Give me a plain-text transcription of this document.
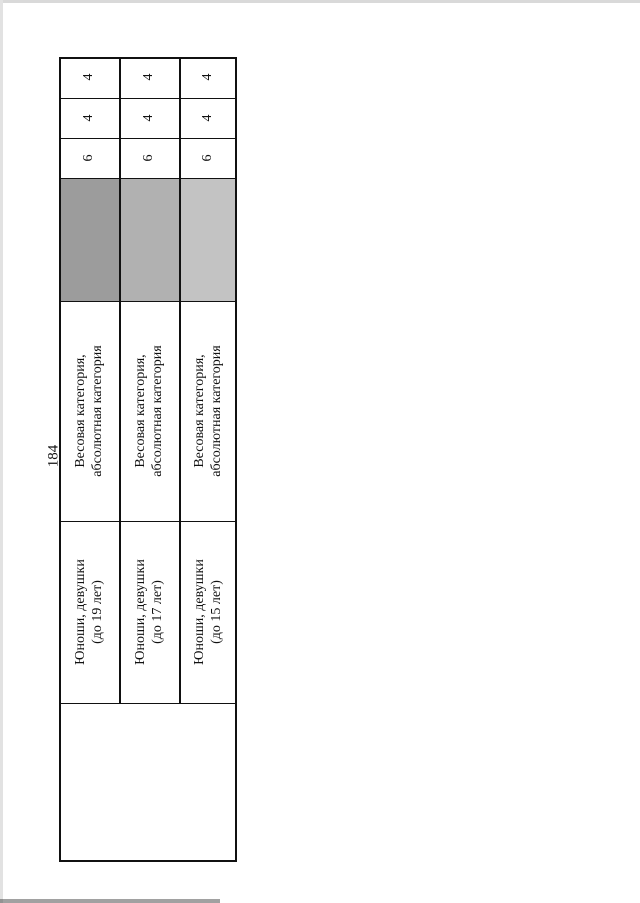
184
4
4
6
Весовая категория, абсолютная категория
Юноши, девушки (до 19 лет)
4
4
6
Весовая категория, абсолютная категория
Юноши, девушки (до 17 лет)
4
4
6
Весовая категория, абсолютная категория
Юноши, девушки (до 15 лет)
